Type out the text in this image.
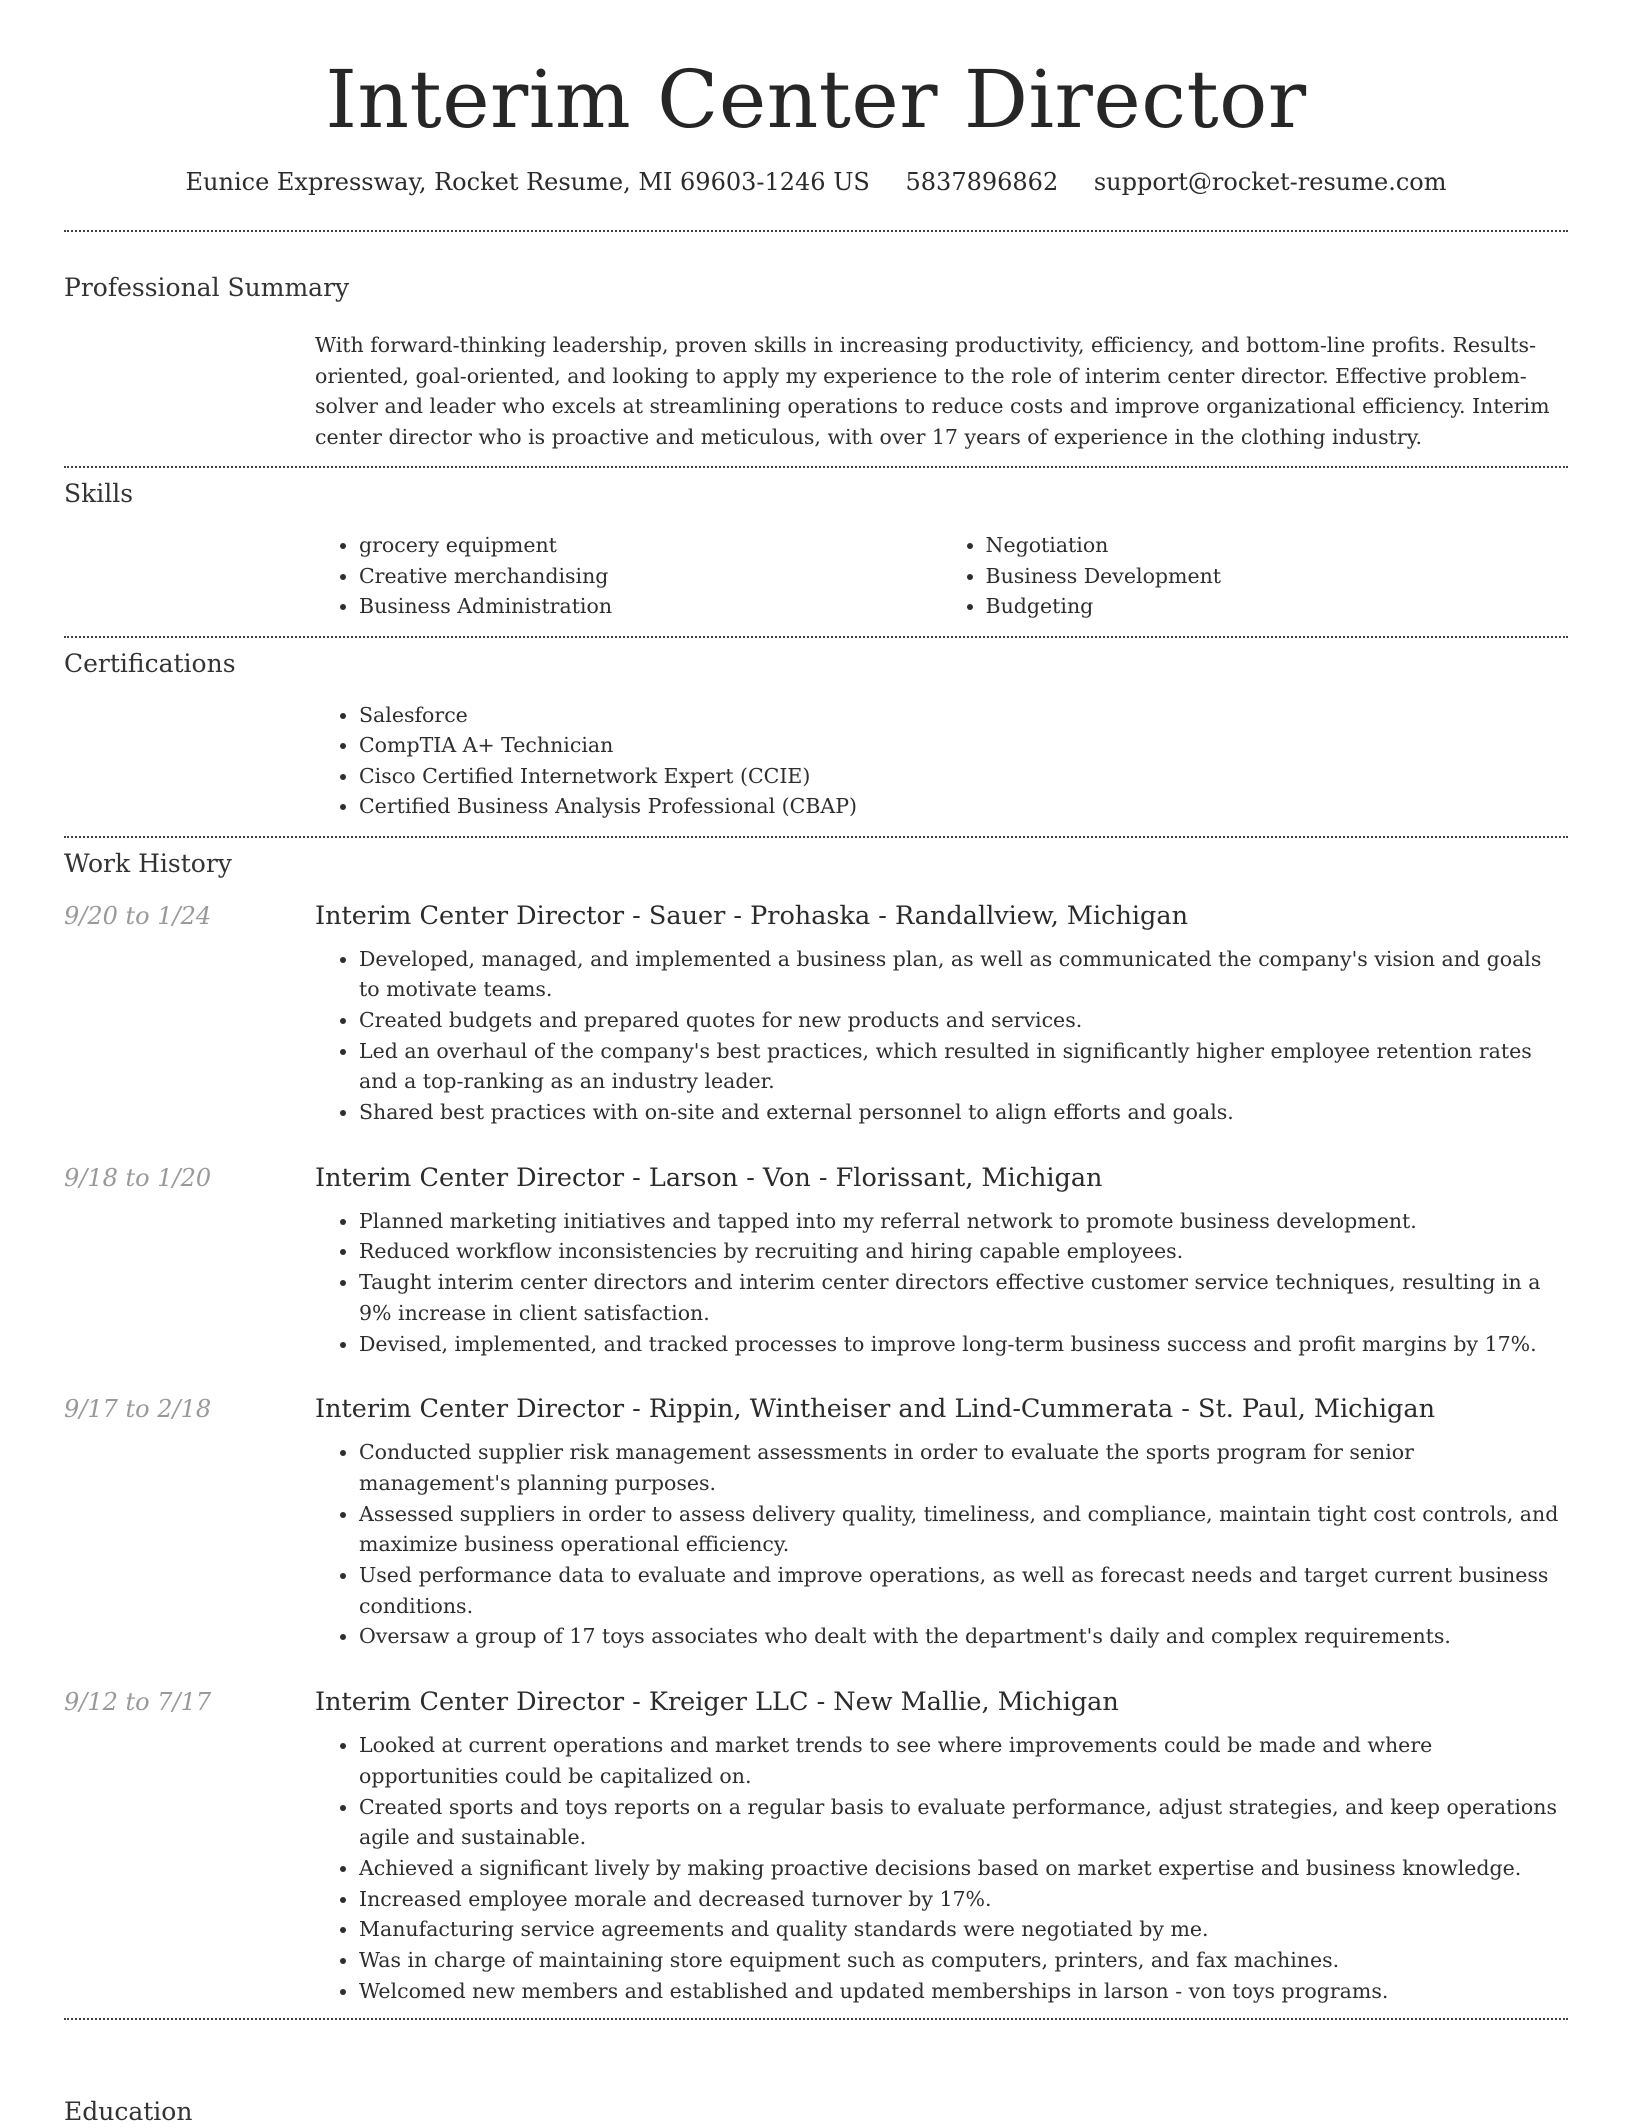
Interim Center Director
Eunice Expressway, Rocket Resume, MI 69603-1246 US 5837896862 support@rocket-resume.com
Professional Summary

With forward-thinking leadership, proven skills in increasing productivity, efficiency, and bottom-line profits. Results-oriented, goal-oriented, and looking to apply my experience to the role of interim center director. Effective problem-solver and leader who excels at streamlining operations to reduce costs and improve organizational efficiency. Interim center director who is proactive and meticulous, with over 17 years of experience in the clothing industry.

Skills
• grocery equipment
• Creative merchandising
• Business Administration
• Negotiation
• Business Development
• Budgeting
Certifications
• Salesforce
• CompTIA A+ Technician
• Cisco Certified Internetwork Expert (CCIE)
• Certified Business Analysis Professional (CBAP)
Work History
9/20 to 1/24	Interim Center Director - Sauer - Prohaska - Randallview, Michigan
• Developed, managed, and implemented a business plan, as well as communicated the company's vision and goals to motivate teams.
• Created budgets and prepared quotes for new products and services.
• Led an overhaul of the company's best practices, which resulted in significantly higher employee retention rates and a top-ranking as an industry leader.
• Shared best practices with on-site and external personnel to align efforts and goals.
9/18 to 1/20	Interim Center Director - Larson - Von - Florissant, Michigan
• Planned marketing initiatives and tapped into my referral network to promote business development.
• Reduced workflow inconsistencies by recruiting and hiring capable employees.
• Taught interim center directors and interim center directors effective customer service techniques, resulting in a 9% increase in client satisfaction.
• Devised, implemented, and tracked processes to improve long-term business success and profit margins by 17%.
9/17 to 2/18	Interim Center Director - Rippin, Wintheiser and Lind-Cummerata - St. Paul, Michigan
• Conducted supplier risk management assessments in order to evaluate the sports program for senior management's planning purposes.
• Assessed suppliers in order to assess delivery quality, timeliness, and compliance, maintain tight cost controls, and maximize business operational efficiency.
• Used performance data to evaluate and improve operations, as well as forecast needs and target current business conditions.
• Oversaw a group of 17 toys associates who dealt with the department's daily and complex requirements.
9/12 to 7/17	Interim Center Director - Kreiger LLC - New Mallie, Michigan
• Looked at current operations and market trends to see where improvements could be made and where opportunities could be capitalized on.
• Created sports and toys reports on a regular basis to evaluate performance, adjust strategies, and keep operations agile and sustainable.
• Achieved a significant lively by making proactive decisions based on market expertise and business knowledge.
• Increased employee morale and decreased turnover by 17%.
• Manufacturing service agreements and quality standards were negotiated by me.
• Was in charge of maintaining store equipment such as computers, printers, and fax machines.
• Welcomed new members and established and updated memberships in larson - von toys programs.
Education
